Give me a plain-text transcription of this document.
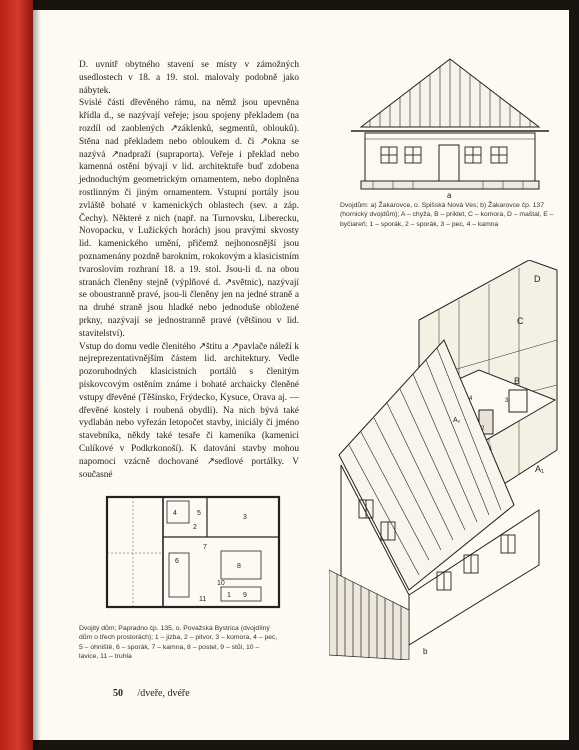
D. uvnitř obytného stavení se místy v zámožných usedlostech v 18. a 19. stol. malovaly podobně jako nábytek.

Svislé části dřevěného rámu, na němž jsou upevněna křídla d., se nazývají veřeje; jsou spojeny překladem (na rozdíl od zaoblených ↗záklenků, segmentů, oblouků). Stěna nad překladem nebo obloukem d. či ↗okna se nazývá ↗nadpraží (supraporta). Veřeje i překlad nebo kamenná ostění bývají v lid. architektuře buď zdobena jednoduchým geometrickým ornamentem, nebo doplněna rostlinným či jiným ornamentem. Vstupní portály jsou zvláště bohaté v kamenických oblastech (sev. a záp. Čechy). Některé z nich (např. na Turnovsku, Liberecku, Novopacku, v Lužických horách) jsou pravými skvosty lid. kamenického umění, přičemž nejhonosnější jsou poznamenány pozdně barokním, rokokovým a klasicistním tvaroslovím rozhraní 18. a 19. stol. Jsou-li d. na obou stranách členěny stejně (výplňové d. ↗světnic), nazývají se oboustranně pravé, jsou-li členěny jen na jedné straně a na druhé straně jsou hladké nebo jednoduše obložené prkny, nazývají se jednostranně pravé (většinou v lid. stavitelství).

Vstup do domu vedle členitého ↗štítu a ↗pavlače náleží k nejreprezentativnějším částem lid. architektury. Vedle pozoruhodných klasicistních portálů s členitým pískovcovým ostěním známe i bohaté archaicky členěné vstupy dřevěné (Těšínsko, Frýdecko, Kysuce, Orava aj. — dřevěné kostely i roubená obydlí). Na nich bývá také vydlabán nebo vyřezán letopočet stavby, iniciály či jméno stavebníka, někdy také tesaře či kameníka (kamenici Culíkové v Podkrkonoší). K datování stavby mohou napomoci vzácně dochované ↗sedlové portálky. V současné

a
Dvojdům: a) Žakarovce, o. Spišská Nová Ves; b) Žakarovce čp. 137 (hornický dvojdům); A – chyža, B – priklet, C – komora, D – maštal, E – byčiareň; 1 – sporák, 2 – sporák, 3 – pec, 4 – kamna
D
C
B
A₂
A₁
2
3
4
1
b
4	5
2
3
7
8
6
9
1
10
11
Dvojitý dům; Papradno čp. 135, o. Považská Bystrica (dvojdílný dům o třech prostorách); 1 – jizba, 2 – pitvor, 3 – komora, 4 – pec, 5 – ohniště, 6 – sporák, 7 – kamna, 8 – postel, 9 – stůl, 10 – lavice, 11 – truhla
50 /dveře, dvéře
